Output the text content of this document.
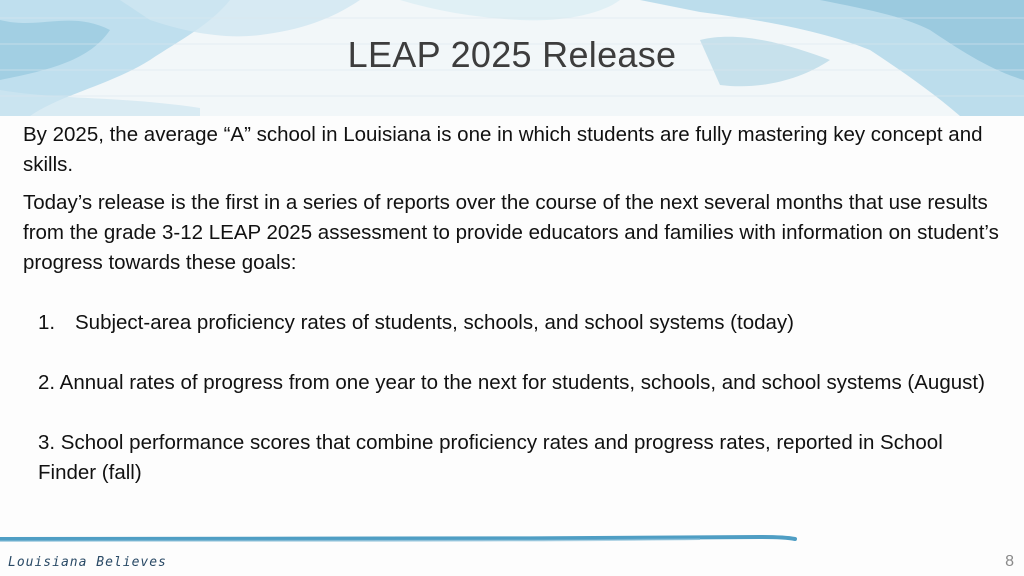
LEAP 2025 Release

By 2025, the average “A” school in Louisiana is one in which students are fully mastering key concept and skills.

Today’s release is the first in a series of reports over the course of the next several months that use results from the grade 3-12 LEAP 2025 assessment to provide educators and families with information on student’s progress towards these goals:

1. Subject-area proficiency rates of students, schools, and school systems (today)
2. Annual rates of progress from one year to the next for students, schools, and school systems (August)
3. School performance scores that combine proficiency rates and progress rates, reported in School Finder (fall)
Louisiana Believes	8
